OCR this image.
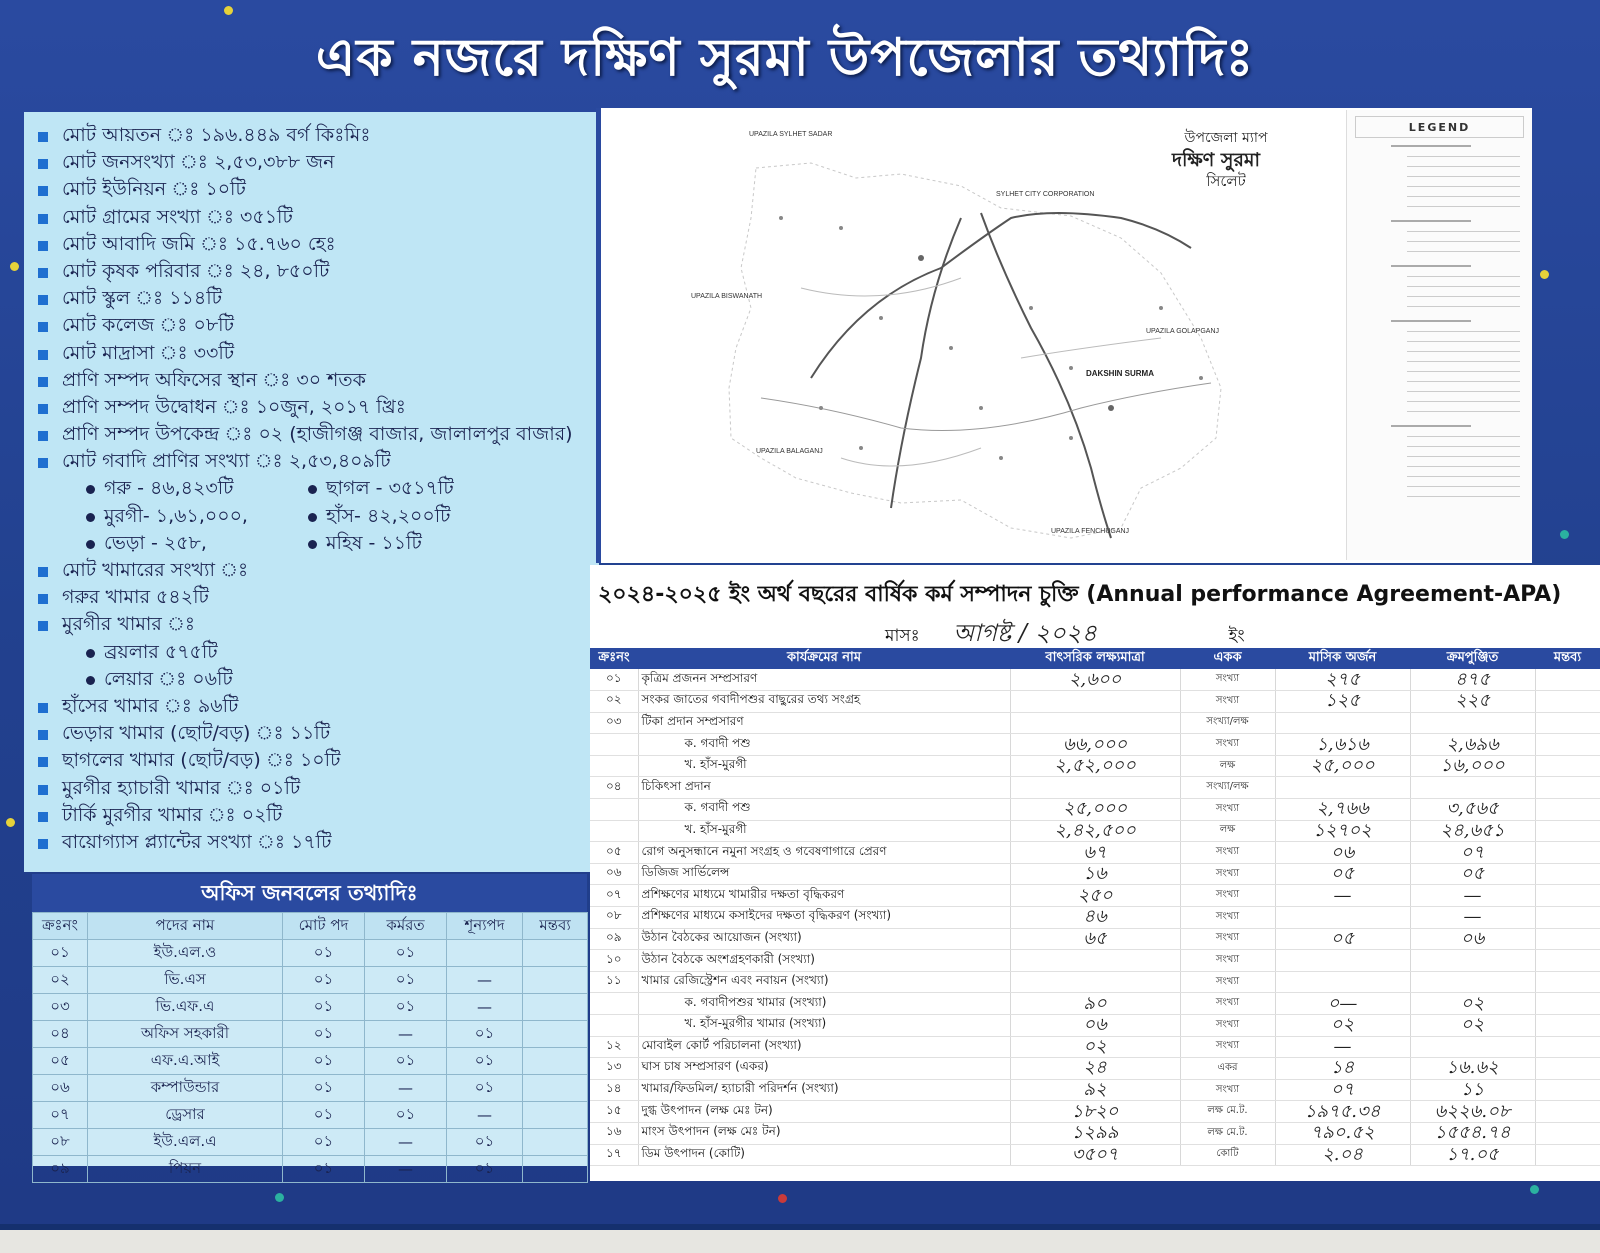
এক নজরে দক্ষিণ সুরমা উপজেলার তথ্যাদিঃ
মোট আয়তন ঃ ১৯৬.৪৪৯ বর্গ কিঃমিঃ
মোট জনসংখ্যা ঃ ২,৫৩,৩৮৮ জন
মোট ইউনিয়ন ঃ ১০টি
মোট গ্রামের সংখ্যা ঃ ৩৫১টি
মোট আবাদি জমি ঃ ১৫.৭৬০ হেঃ
মোট কৃষক পরিবার ঃ ২৪, ৮৫০টি
মোট স্কুল ঃ ১১৪টি
মোট কলেজ ঃ ০৮টি
মোট মাদ্রাসা ঃ ৩৩টি
প্রাণি সম্পদ অফিসের স্থান ঃ ৩০ শতক
প্রাণি সম্পদ উদ্বোধন ঃ ১০জুন, ২০১৭ খ্রিঃ
প্রাণি সম্পদ উপকেন্দ্র ঃ ০২ (হাজীগঞ্জ বাজার, জালালপুর বাজার)
মোট গবাদি প্রাণির সংখ্যা ঃ ২,৫৩,৪০৯টি
গরু - ৪৬,৪২৩টি	ছাগল - ৩৫১৭টি
মুরগী- ১,৬১,০০০,	হাঁস- ৪২,২০০টি
ভেড়া - ২৫৮,	মহিষ - ১১টি
মোট খামারের সংখ্যা ঃ
গরুর খামার ৫৪২টি
মুরগীর খামার ঃ
ব্রয়লার ৫৭৫টি
লেয়ার ঃ ০৬টি
হাঁসের খামার ঃ ৯৬টি
ভেড়ার খামার (ছোট/বড়) ঃ ১১টি
ছাগলের খামার (ছোট/বড়) ঃ ১০টি
মুরগীর হ্যাচারী খামার ঃ ০১টি
টার্কি মুরগীর খামার ঃ ০২টি
বায়োগ্যাস প্ল্যান্টের সংখ্যা ঃ ১৭টি
অফিস জনবলের তথ্যাদিঃ
ক্রঃনং	পদের নাম	মোট পদ	কর্মরত	শূন্যপদ	মন্তব্য
০১	ইউ.এল.ও	০১	০১		
০২	ভি.এস	০১	০১	—	
০৩	ভি.এফ.এ	০১	০১	—	
০৪	অফিস সহকারী	০১	—	০১	
০৫	এফ.এ.আই	০১	০১	০১	
০৬	কম্পাউন্ডার	০১	—	০১	
০৭	ড্রেসার	০১	০১	—	
০৮	ইউ.এল.এ	০১	—	০১	
০৯	পিয়ন	০১	—	০১	
UPAZILA SYLHET SADAR
SYLHET CITY CORPORATION
UPAZILA BISWANATH
UPAZILA GOLAPGANJ
DAKSHIN SURMA
UPAZILA BALAGANJ
UPAZILA FENCHUGANJ
উপজেলা ম্যাপ
দক্ষিণ সুরমা
সিলেট
LEGEND
২০২৪-২০২৫ ইং অর্থ বছরের বার্ষিক কর্ম সম্পাদন চুক্তি (Annual performance Agreement-APA)
মাসঃ আগষ্ট / ২০২৪	ইং
ক্রঃনং	কার্যক্রমের নাম	বাৎসরিক লক্ষ্যমাত্রা	একক	মাসিক অর্জন	ক্রমপুঞ্জিত	মন্তব্য
০১	কৃত্রিম প্রজনন সম্প্রসারণ	২,৬০০	সংখ্যা	২৭৫	৪৭৫	
০২	সংকর জাতের গবাদীপশুর বাছুরের তথ্য সংগ্রহ		সংখ্যা	১২৫	২২৫	
০৩	টিকা প্রদান সম্প্রসারণ		সংখ্যা/লক্ষ			
	ক. গবাদী পশু	৬৬,০০০	সংখ্যা	১,৬১৬	২,৬৯৬	
	খ. হাঁস-মুরগী	২,৫২,০০০	লক্ষ	২৫,০০০	১৬,০০০	
০৪	চিকিৎসা প্রদান		সংখ্যা/লক্ষ			
	ক. গবাদী পশু	২৫,০০০	সংখ্যা	২,৭৬৬	৩,৫৬৫	
	খ. হাঁস-মুরগী	২,৪২,৫০০	লক্ষ	১২৭০২	২৪,৬৫১	
০৫	রোগ অনুসন্ধানে নমুনা সংগ্রহ ও গবেষণাগারে প্রেরণ	৬৭	সংখ্যা	০৬	০৭	
০৬	ডিজিজ সার্ভিলেন্স	১৬	সংখ্যা	০৫	০৫	
০৭	প্রশিক্ষণের মাধ্যমে খামারীর দক্ষতা বৃদ্ধিকরণ	২৫০	সংখ্যা	—	—	
০৮	প্রশিক্ষণের মাধ্যমে কসাইদের দক্ষতা বৃদ্ধিকরণ (সংখ্যা)	৪৬	সংখ্যা		—	
০৯	উঠান বৈঠকের আয়োজন (সংখ্যা)	৬৫	সংখ্যা	০৫	০৬	
১০	উঠান বৈঠকে অংশগ্রহণকারী (সংখ্যা)		সংখ্যা			
১১	খামার রেজিস্ট্রেশন এবং নবায়ন (সংখ্যা)		সংখ্যা			
	ক. গবাদীপশুর খামার (সংখ্যা)	৯০	সংখ্যা	০—	০২	
	খ. হাঁস-মুরগীর খামার (সংখ্যা)	০৬	সংখ্যা	০২	০২	
১২	মোবাইল কোর্ট পরিচালনা (সংখ্যা)	০২	সংখ্যা	—		
১৩	ঘাস চাষ সম্প্রসারণ (একর)	২৪	একর	১৪	১৬.৬২	
১৪	খামার/ফিডমিল/ হ্যাচারী পরিদর্শন (সংখ্যা)	৯২	সংখ্যা	০৭	১১	
১৫	দুগ্ধ উৎপাদন (লক্ষ মেঃ টন)	১৮২০	লক্ষ মে.ট.	১৯৭৫.৩৪	৬২২৬.০৮	
১৬	মাংস উৎপাদন (লক্ষ মেঃ টন)	১২৯৯	লক্ষ মে.ট.	৭৯০.৫২	১৫৫৪.৭৪	
১৭	ডিম উৎপাদন (কোটি)	৩৫০৭	কোটি	২.০৪	১৭.০৫	
